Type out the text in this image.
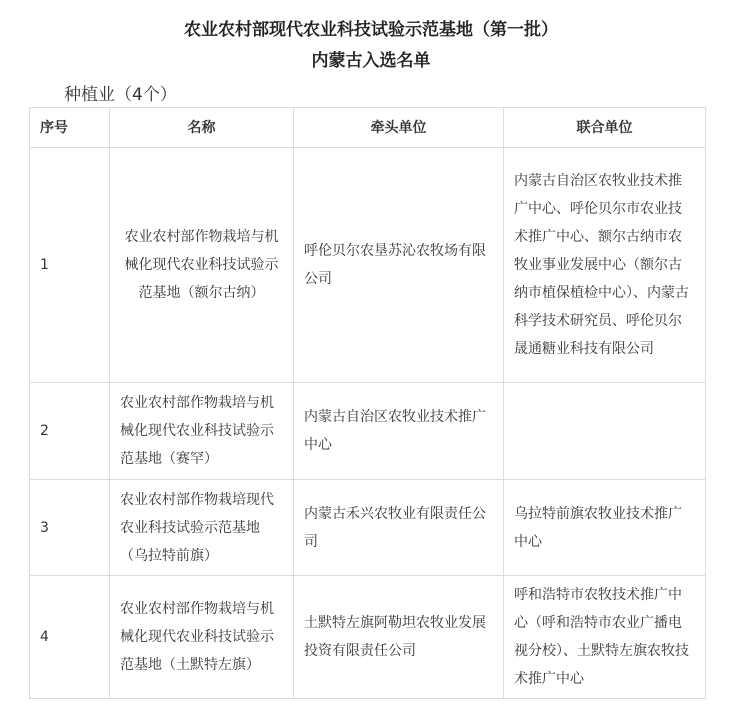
农业农村部现代农业科技试验示范基地（第一批）
内蒙古入选名单
种植业（4个）
序号	名称	牵头单位	联合单位
1	农业农村部作物栽培与机械化现代农业科技试验示范基地（额尔古纳）	呼伦贝尔农垦苏沁农牧场有限公司	内蒙古自治区农牧业技术推广中心、呼伦贝尔市农业技术推广中心、额尔古纳市农牧业事业发展中心（额尔古纳市植保植检中心）、内蒙古科学技术研究员、呼伦贝尔晟通糖业科技有限公司
2	农业农村部作物栽培与机械化现代农业科技试验示范基地（赛罕）	内蒙古自治区农牧业技术推广中心	
3	农业农村部作物栽培现代农业科技试验示范基地（乌拉特前旗）	内蒙古禾兴农牧业有限责任公司	乌拉特前旗农牧业技术推广中心
4	农业农村部作物栽培与机械化现代农业科技试验示范基地（土默特左旗）	土默特左旗阿勒坦农牧业发展投资有限责任公司	呼和浩特市农牧技术推广中心（呼和浩特市农业广播电视分校）、土默特左旗农牧技术推广中心
